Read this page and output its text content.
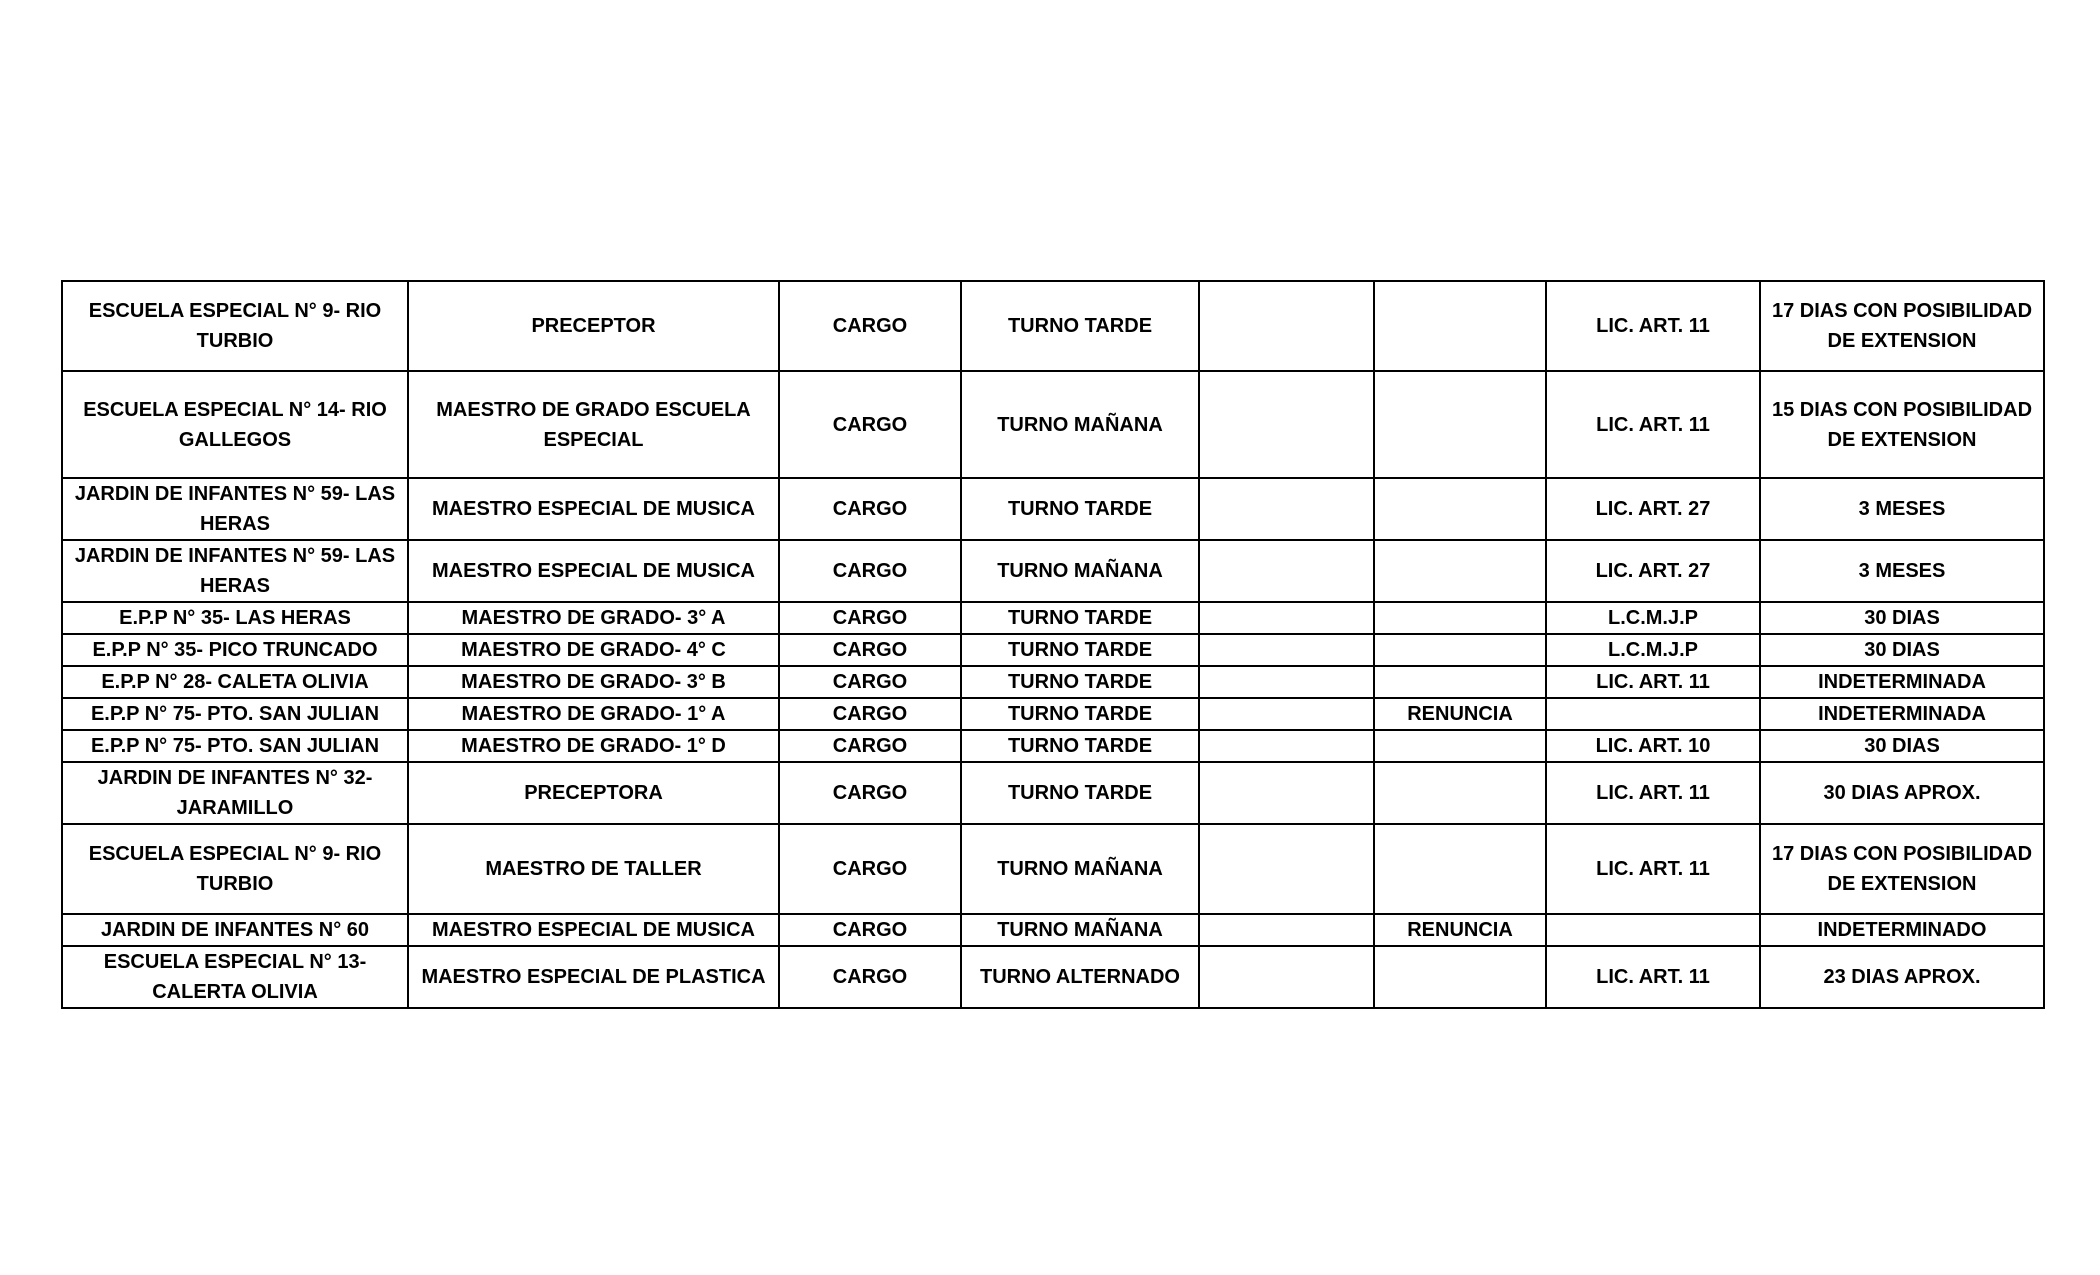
ESCUELA ESPECIAL N° 9- RIO TURBIO	PRECEPTOR	CARGO	TURNO TARDE			LIC. ART. 11	17 DIAS CON POSIBILIDAD DE EXTENSION
ESCUELA ESPECIAL N° 14- RIO GALLEGOS	MAESTRO DE GRADO ESCUELA ESPECIAL	CARGO	TURNO MAÑANA			LIC. ART. 11	15 DIAS CON POSIBILIDAD DE EXTENSION
JARDIN DE INFANTES N° 59- LAS HERAS	MAESTRO ESPECIAL DE MUSICA	CARGO	TURNO TARDE			LIC. ART. 27	3 MESES
JARDIN DE INFANTES N° 59- LAS HERAS	MAESTRO ESPECIAL DE MUSICA	CARGO	TURNO MAÑANA			LIC. ART. 27	3 MESES
E.P.P N° 35- LAS HERAS	MAESTRO DE GRADO- 3° A	CARGO	TURNO TARDE			L.C.M.J.P	30 DIAS
E.P.P N° 35- PICO TRUNCADO	MAESTRO DE GRADO- 4° C	CARGO	TURNO TARDE			L.C.M.J.P	30 DIAS
E.P.P N° 28- CALETA OLIVIA	MAESTRO DE GRADO- 3° B	CARGO	TURNO TARDE			LIC. ART. 11	INDETERMINADA
E.P.P N° 75- PTO. SAN JULIAN	MAESTRO DE GRADO- 1° A	CARGO	TURNO TARDE		RENUNCIA		INDETERMINADA
E.P.P N° 75- PTO. SAN JULIAN	MAESTRO DE GRADO- 1° D	CARGO	TURNO TARDE			LIC. ART. 10	30 DIAS
JARDIN DE INFANTES N° 32- JARAMILLO	PRECEPTORA	CARGO	TURNO TARDE			LIC. ART. 11	30 DIAS APROX.
ESCUELA ESPECIAL N° 9- RIO TURBIO	MAESTRO DE TALLER	CARGO	TURNO MAÑANA			LIC. ART. 11	17 DIAS CON POSIBILIDAD DE EXTENSION
JARDIN DE INFANTES N° 60	MAESTRO ESPECIAL DE MUSICA	CARGO	TURNO MAÑANA		RENUNCIA		INDETERMINADO
ESCUELA ESPECIAL N° 13- CALERTA OLIVIA	MAESTRO ESPECIAL DE PLASTICA	CARGO	TURNO ALTERNADO			LIC. ART. 11	23 DIAS APROX.
